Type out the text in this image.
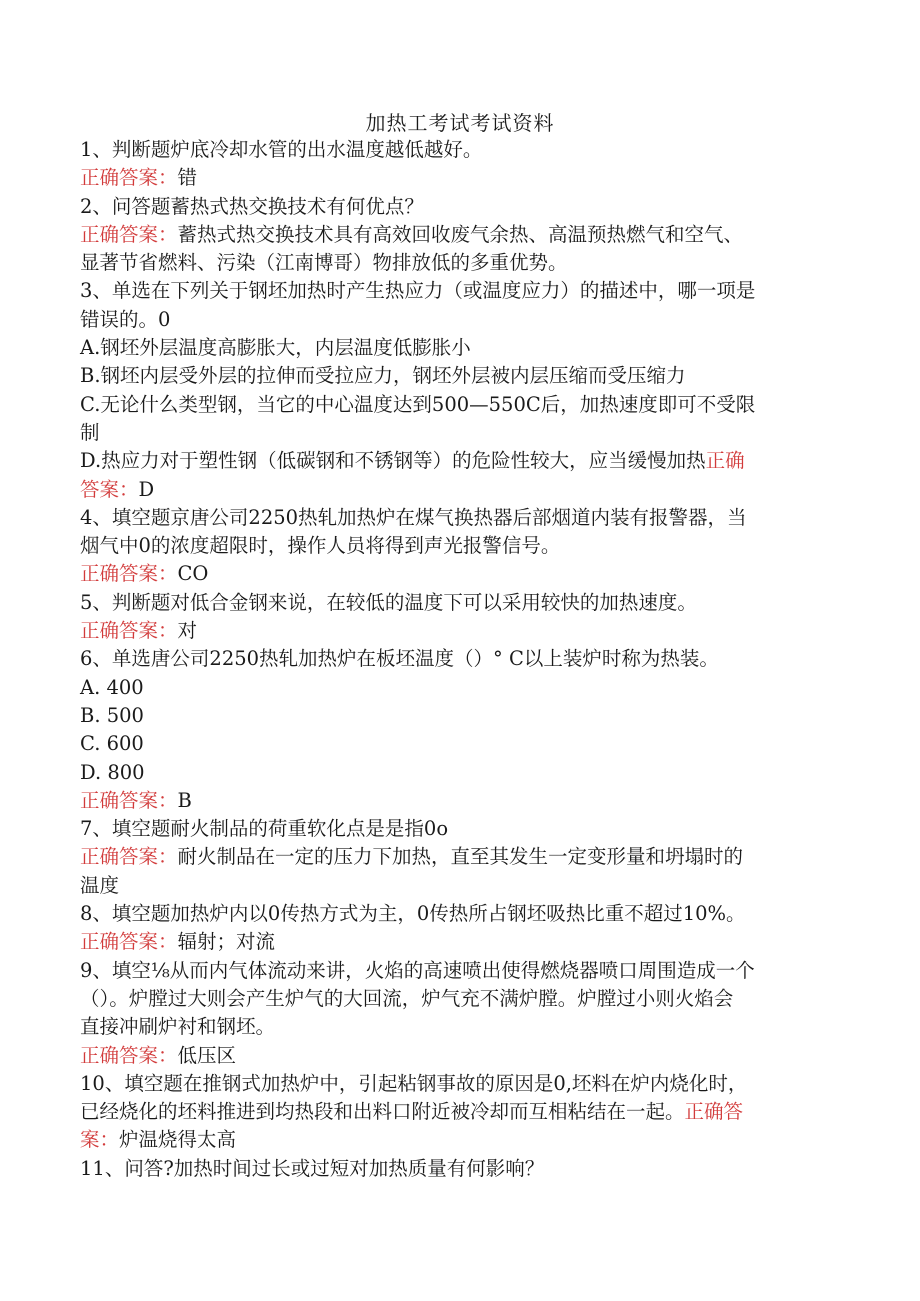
加热工考试考试资料
1、判断题炉底冷却水管的出水温度越低越好。
正确答案：错
2、问答题蓄热式热交换技术有何优点？
正确答案：蓄热式热交换技术具有高效回收废气余热、高温预热燃气和空气、
显著节省燃料、污染（江南博哥）物排放低的多重优势。
3、单选在下列关于钢坯加热时产生热应力（或温度应力）的描述中，哪一项是
错误的。0
A.钢坯外层温度高膨胀大，内层温度低膨胀小
B.钢坯内层受外层的拉伸而受拉应力，钢坯外层被内层压缩而受压缩力
C.无论什么类型钢，当它的中心温度达到500—550C后，加热速度即可不受限
制
D.热应力对于塑性钢（低碳钢和不锈钢等）的危险性较大，应当缓慢加热正确
答案：D
4、填空题京唐公司2250热轧加热炉在煤气换热器后部烟道内装有报警器，当
烟气中0的浓度超限时，操作人员将得到声光报警信号。
正确答案：CO
5、判断题对低合金钢来说，在较低的温度下可以采用较快的加热速度。
正确答案：对
6、单选唐公司2250热轧加热炉在板坯温度（）° C以上装炉时称为热装。
A. 400
B. 500
C. 600
D. 800
正确答案：B
7、填空题耐火制品的荷重软化点是是指0o
正确答案：耐火制品在一定的压力下加热，直至其发生一定变形量和坍塌时的
温度
8、填空题加热炉内以0传热方式为主，0传热所占钢坯吸热比重不超过10%。
正确答案：辐射；对流
9、填空⅛从而内气体流动来讲，火焰的高速喷出使得燃烧器喷口周围造成一个
（）。炉膛过大则会产生炉气的大回流，炉气充不满炉膛。炉膛过小则火焰会
直接冲刷炉衬和钢坯。
正确答案：低压区
10、填空题在推钢式加热炉中，引起粘钢事故的原因是0,坯料在炉内烧化时，
已经烧化的坯料推进到均热段和出料口附近被冷却而互相粘结在一起。正确答
案：炉温烧得太高
11、问答?加热时间过长或过短对加热质量有何影响？
